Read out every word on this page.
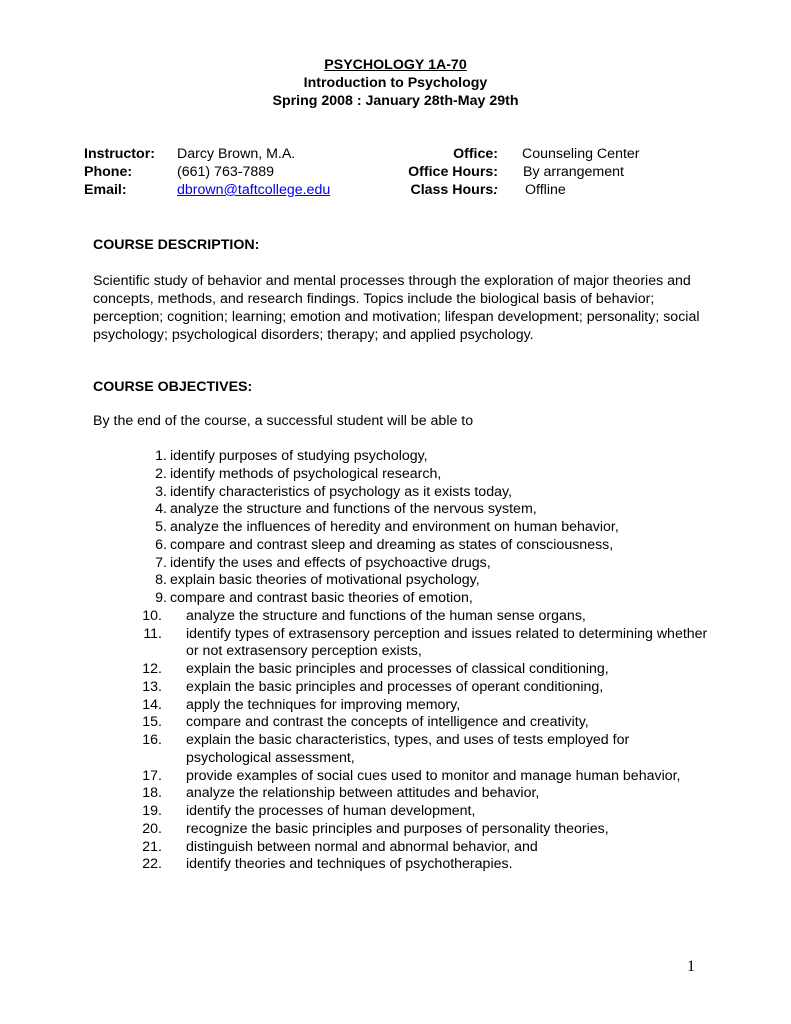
PSYCHOLOGY 1A-70
Introduction to Psychology
Spring 2008 : January 28th-May 29th
Instructor:	Darcy Brown, M.A.
Phone:	(661) 763-7889
Email:	dbrown@taftcollege.edu
Office:	Counseling Center
Office Hours:	By arrangement
Class Hours:	Offline
COURSE DESCRIPTION:
Scientific study of behavior and mental processes through the exploration of major theories and concepts, methods, and research findings. Topics include the biological basis of behavior; perception; cognition; learning; emotion and motivation; lifespan development; personality; social psychology; psychological disorders; therapy; and applied psychology.
COURSE OBJECTIVES:
By the end of the course, a successful student will be able to
1. identify purposes of studying psychology,
2. identify methods of psychological research,
3. identify characteristics of psychology as it exists today,
4. analyze the structure and functions of the nervous system,
5. analyze the influences of heredity and environment on human behavior,
6. compare and contrast sleep and dreaming as states of consciousness,
7. identify the uses and effects of psychoactive drugs,
8. explain basic theories of motivational psychology,
9. compare and contrast basic theories of emotion,
10. analyze the structure and functions of the human sense organs,
11. identify types of extrasensory perception and issues related to determining whether or not extrasensory perception exists,
12. explain the basic principles and processes of classical conditioning,
13. explain the basic principles and processes of operant conditioning,
14. apply the techniques for improving memory,
15. compare and contrast the concepts of intelligence and creativity,
16. explain the basic characteristics, types, and uses of tests employed for psychological assessment,
17. provide examples of social cues used to monitor and manage human behavior,
18. analyze the relationship between attitudes and behavior,
19. identify the processes of human development,
20. recognize the basic principles and purposes of personality theories,
21. distinguish between normal and abnormal behavior, and
22. identify theories and techniques of psychotherapies.
1
